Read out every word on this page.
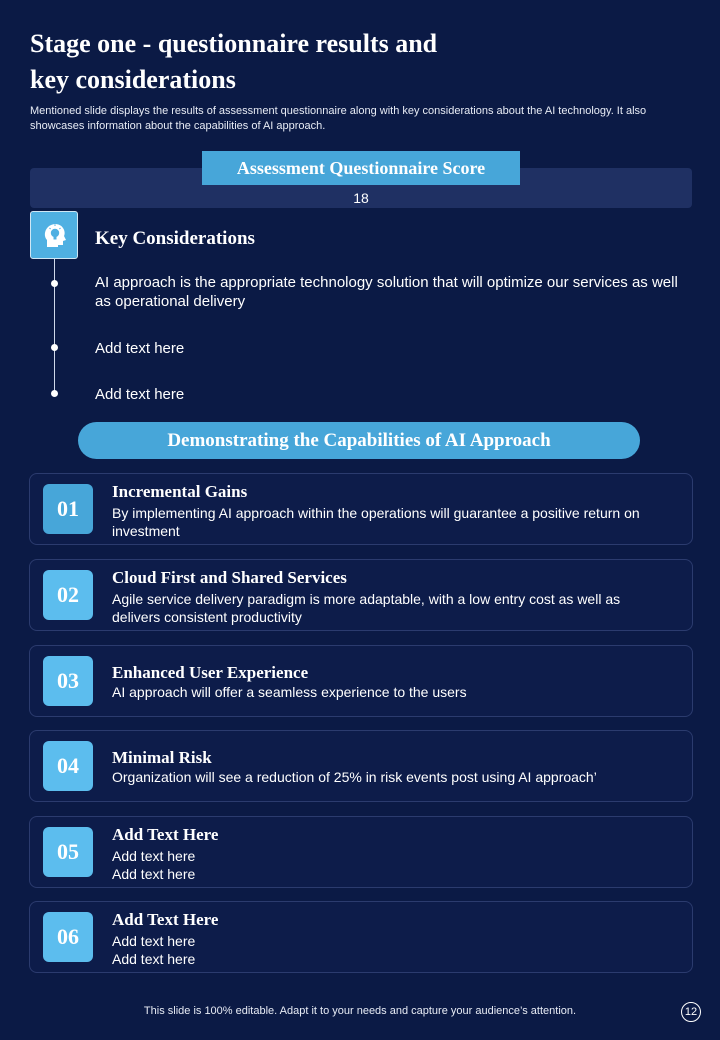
Stage one - questionnaire results and
key considerations
Mentioned slide displays the results of assessment questionnaire along with key considerations about the AI technology. It also showcases information about the capabilities of AI approach.
18
Assessment Questionnaire Score
Key Considerations
AI approach is the appropriate technology solution that will optimize our services as well as operational delivery
Add text here
Add text here
Demonstrating the Capabilities of AI Approach
01
Incremental Gains
By implementing AI approach within the operations will guarantee a positive return on investment
02
Cloud First and Shared Services
Agile service delivery paradigm is more adaptable, with a low entry cost as well as delivers consistent productivity
03	Enhanced User Experience
AI approach will offer a seamless experience to the users
04	Minimal Risk
Organization will see a reduction of 25% in risk events post using AI approach’
05
Add Text Here
Add text here
Add text here
06
Add Text Here
Add text here
Add text here
This slide is 100% editable. Adapt it to your needs and capture your audience’s attention.	12
